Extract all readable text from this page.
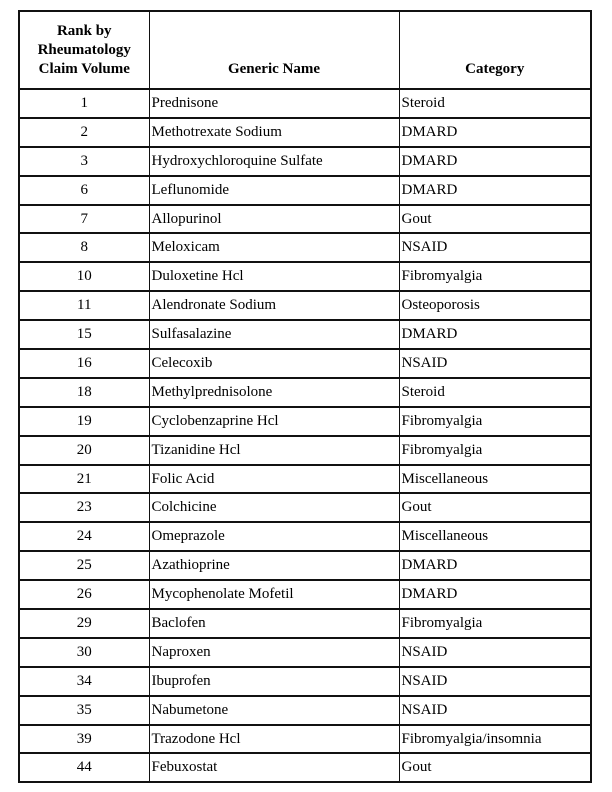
Rank by Rheumatology Claim Volume	Generic Name	Category
1	Prednisone	Steroid
2	Methotrexate Sodium	DMARD
3	Hydroxychloroquine Sulfate	DMARD
6	Leflunomide	DMARD
7	Allopurinol	Gout
8	Meloxicam	NSAID
10	Duloxetine Hcl	Fibromyalgia
11	Alendronate Sodium	Osteoporosis
15	Sulfasalazine	DMARD
16	Celecoxib	NSAID
18	Methylprednisolone	Steroid
19	Cyclobenzaprine Hcl	Fibromyalgia
20	Tizanidine Hcl	Fibromyalgia
21	Folic Acid	Miscellaneous
23	Colchicine	Gout
24	Omeprazole	Miscellaneous
25	Azathioprine	DMARD
26	Mycophenolate Mofetil	DMARD
29	Baclofen	Fibromyalgia
30	Naproxen	NSAID
34	Ibuprofen	NSAID
35	Nabumetone	NSAID
39	Trazodone Hcl	Fibromyalgia/insomnia
44	Febuxostat	Gout
